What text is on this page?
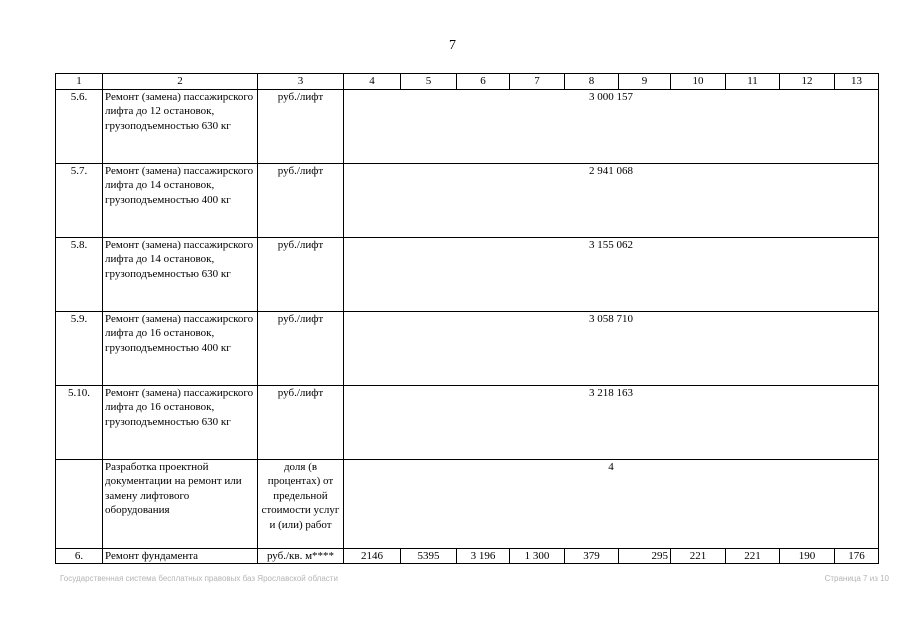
7
1	2	3	4	5	6	7	8	9	10	11	12	13
5.6.	Ремонт (замена) пассажирского лифта до 12 остановок, грузоподъемностью 630 кг	руб./лифт	3 000 157									
5.7.	Ремонт (замена) пассажирского лифта до 14 остановок, грузоподъемностью 400 кг	руб./лифт	2 941 068									
5.8.	Ремонт (замена) пассажирского лифта до 14 остановок, грузоподъемностью 630 кг	руб./лифт	3 155 062									
5.9.	Ремонт (замена) пассажирского лифта до 16 остановок, грузоподъемностью 400 кг	руб./лифт	3 058 710									
5.10.	Ремонт (замена) пассажирского лифта до 16 остановок, грузоподъемностью 630 кг	руб./лифт	3 218 163									
	Разработка проектной документации на ремонт или замену лифтового оборудования	доля (в процентах) от предельной стоимости услуг и (или) работ	4									
6.	Ремонт фундамента	руб./кв. м****	2146	5395	3 196	1 300	379	295	221	221	190	176
Государственная система бесплатных правовых баз Ярославской области	Страница 7 из 10
